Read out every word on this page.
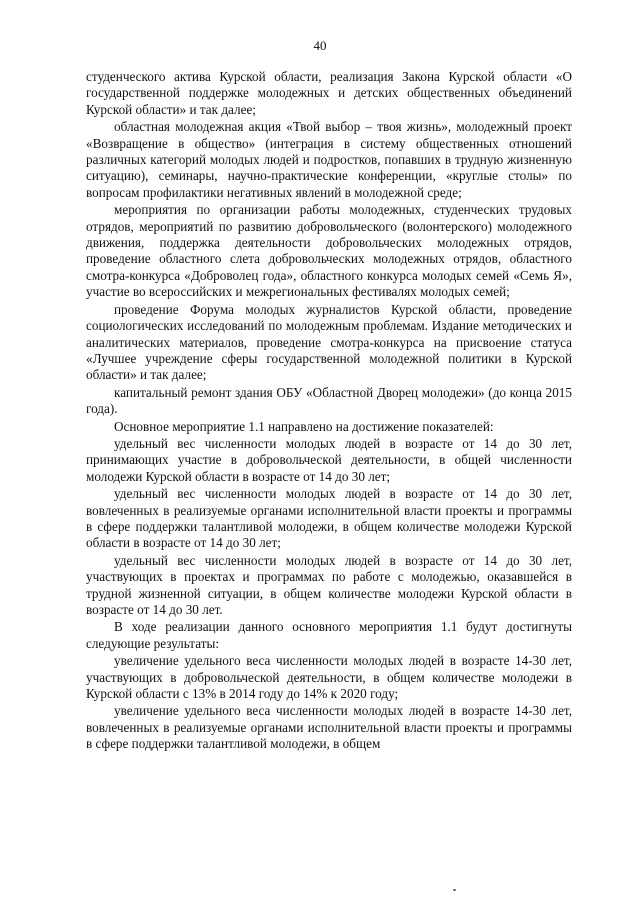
40

студенческого актива Курской области, реализация Закона Курской области «О государственной поддержке молодежных и детских общественных объединений Курской области» и так далее;

областная молодежная акция «Твой выбор – твоя жизнь», молодежный проект «Возвращение в общество» (интеграция в систему общественных отношений различных категорий молодых людей и подростков, попавших в трудную жизненную ситуацию), семинары, научно-практические конференции, «круглые столы» по вопросам профилактики негативных явлений в молодежной среде;

мероприятия по организации работы молодежных, студенческих трудовых отрядов, мероприятий по развитию добровольческого (волонтерского) молодежного движения, поддержка деятельности добровольческих молодежных отрядов, проведение областного слета добровольческих молодежных отрядов, областного смотра-конкурса «Доброволец года», областного конкурса молодых семей «Семь Я», участие во всероссийских и межрегиональных фестивалях молодых семей;

проведение Форума молодых журналистов Курской области, проведение социологических исследований по молодежным проблемам. Издание методических и аналитических материалов, проведение смотра-конкурса на присвоение статуса «Лучшее учреждение сферы государственной молодежной политики в Курской области» и так далее;

капитальный ремонт здания ОБУ «Областной Дворец молодежи» (до конца 2015 года).

Основное мероприятие 1.1 направлено на достижение показателей:

удельный вес численности молодых людей в возрасте от 14 до 30 лет, принимающих участие в добровольческой деятельности, в общей численности молодежи Курской области в возрасте от 14 до 30 лет;

удельный вес численности молодых людей в возрасте от 14 до 30 лет, вовлеченных в реализуемые органами исполнительной власти проекты и программы в сфере поддержки талантливой молодежи, в общем количестве молодежи Курской области в возрасте от 14 до 30 лет;

удельный вес численности молодых людей в возрасте от 14 до 30 лет, участвующих в проектах и программах по работе с молодежью, оказавшейся в трудной жизненной ситуации, в общем количестве молодежи Курской области в возрасте от 14 до 30 лет.

В ходе реализации данного основного мероприятия 1.1 будут достигнуты следующие результаты:

увеличение удельного веса численности молодых людей в возрасте 14-30 лет, участвующих в добровольческой деятельности, в общем количестве молодежи в Курской области с 13% в 2014 году до 14% к 2020 году;

увеличение удельного веса численности молодых людей в возрасте 14-30 лет, вовлеченных в реализуемые органами исполнительной власти проекты и программы в сфере поддержки талантливой молодежи, в общем
